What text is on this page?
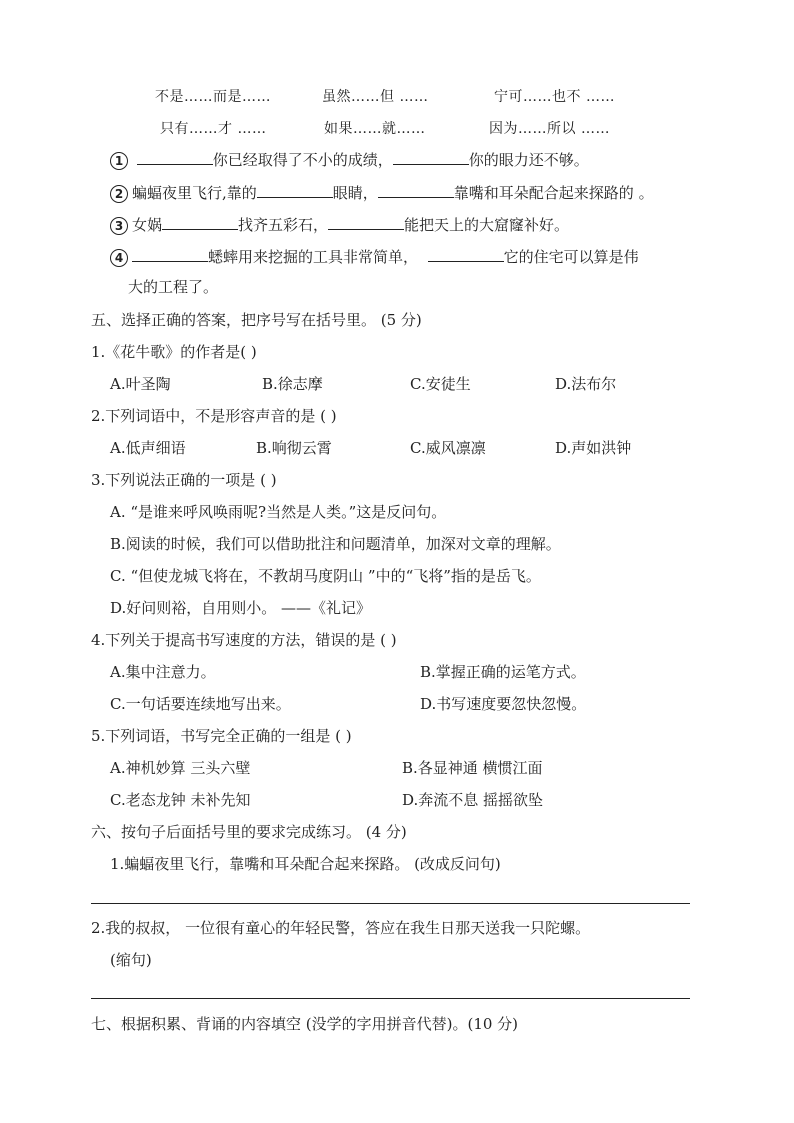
不是……而是……	虽然……但 ……	宁可……也不 ……
只有……才 ……	如果……就……	因为……所以 ……
1	你已经取得了不小的成绩，	你的眼力还不够。
2 蝙蝠夜里飞行,靠的	眼睛，	靠嘴和耳朵配合起来探路的 。
3 女娲	找齐五彩石，	能把天上的大窟窿补好。
4	蟋蟀用来挖掘的工具非常简单，	它的住宅可以算是伟
大的工程了。
五、选择正确的答案，把序号写在括号里。 (5 分)
1.《花牛歌》的作者是( )
A.叶圣陶	B.徐志摩	C.安徒生	D.法布尔
2.下列词语中，不是形容声音的是 ( )
A.低声细语	B.响彻云霄	C.威风凛凛	D.声如洪钟
3.下列说法正确的一项是 ( )
A. “是谁来呼风唤雨呢?当然是人类。”这是反问句。
B.阅读的时候，我们可以借助批注和问题清单，加深对文章的理解。
C. “但使龙城飞将在，不教胡马度阴山 ”中的“飞将”指的是岳飞。
D.好问则裕，自用则小。 ——《礼记》
4.下列关于提高书写速度的方法，错误的是 ( )
A.集中注意力。	B.掌握正确的运笔方式。
C.一句话要连续地写出来。	D.书写速度要忽快忽慢。
5.下列词语，书写完全正确的一组是 ( )
A.神机妙算 三头六壁	B.各显神通 横惯江面
C.老态龙钟 未补先知	D.奔流不息 摇摇欲坠
六、按句子后面括号里的要求完成练习。 (4 分)
1.蝙蝠夜里飞行，靠嘴和耳朵配合起来探路。 (改成反问句)
2.我的叔叔， 一位很有童心的年轻民警，答应在我生日那天送我一只陀螺。
(缩句)
七、根据积累、背诵的内容填空 (没学的字用拼音代替)。(10 分)
